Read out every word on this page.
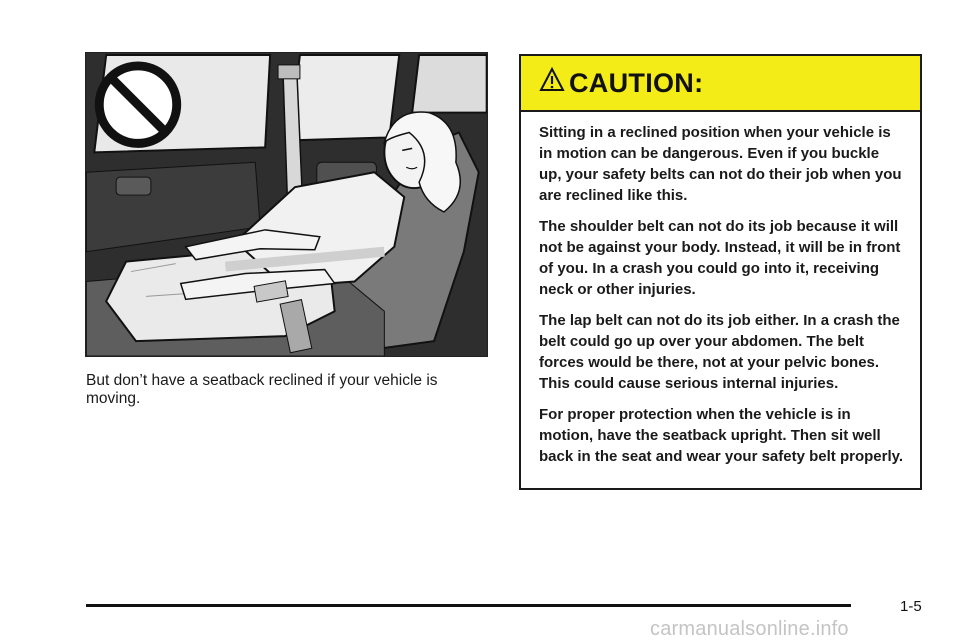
But don’t have a seatback reclined if your vehicle is moving.
CAUTION:

Sitting in a reclined position when your vehicle is in motion can be dangerous. Even if you buckle up, your safety belts can not do their job when you are reclined like this.

The shoulder belt can not do its job because it will not be against your body. Instead, it will be in front of you. In a crash you could go into it, receiving neck or other injuries.

The lap belt can not do its job either. In a crash the belt could go up over your abdomen. The belt forces would be there, not at your pelvic bones. This could cause serious internal injuries.

For proper protection when the vehicle is in motion, have the seatback upright. Then sit well back in the seat and wear your safety belt properly.

1-5
carmanualsonline.info
